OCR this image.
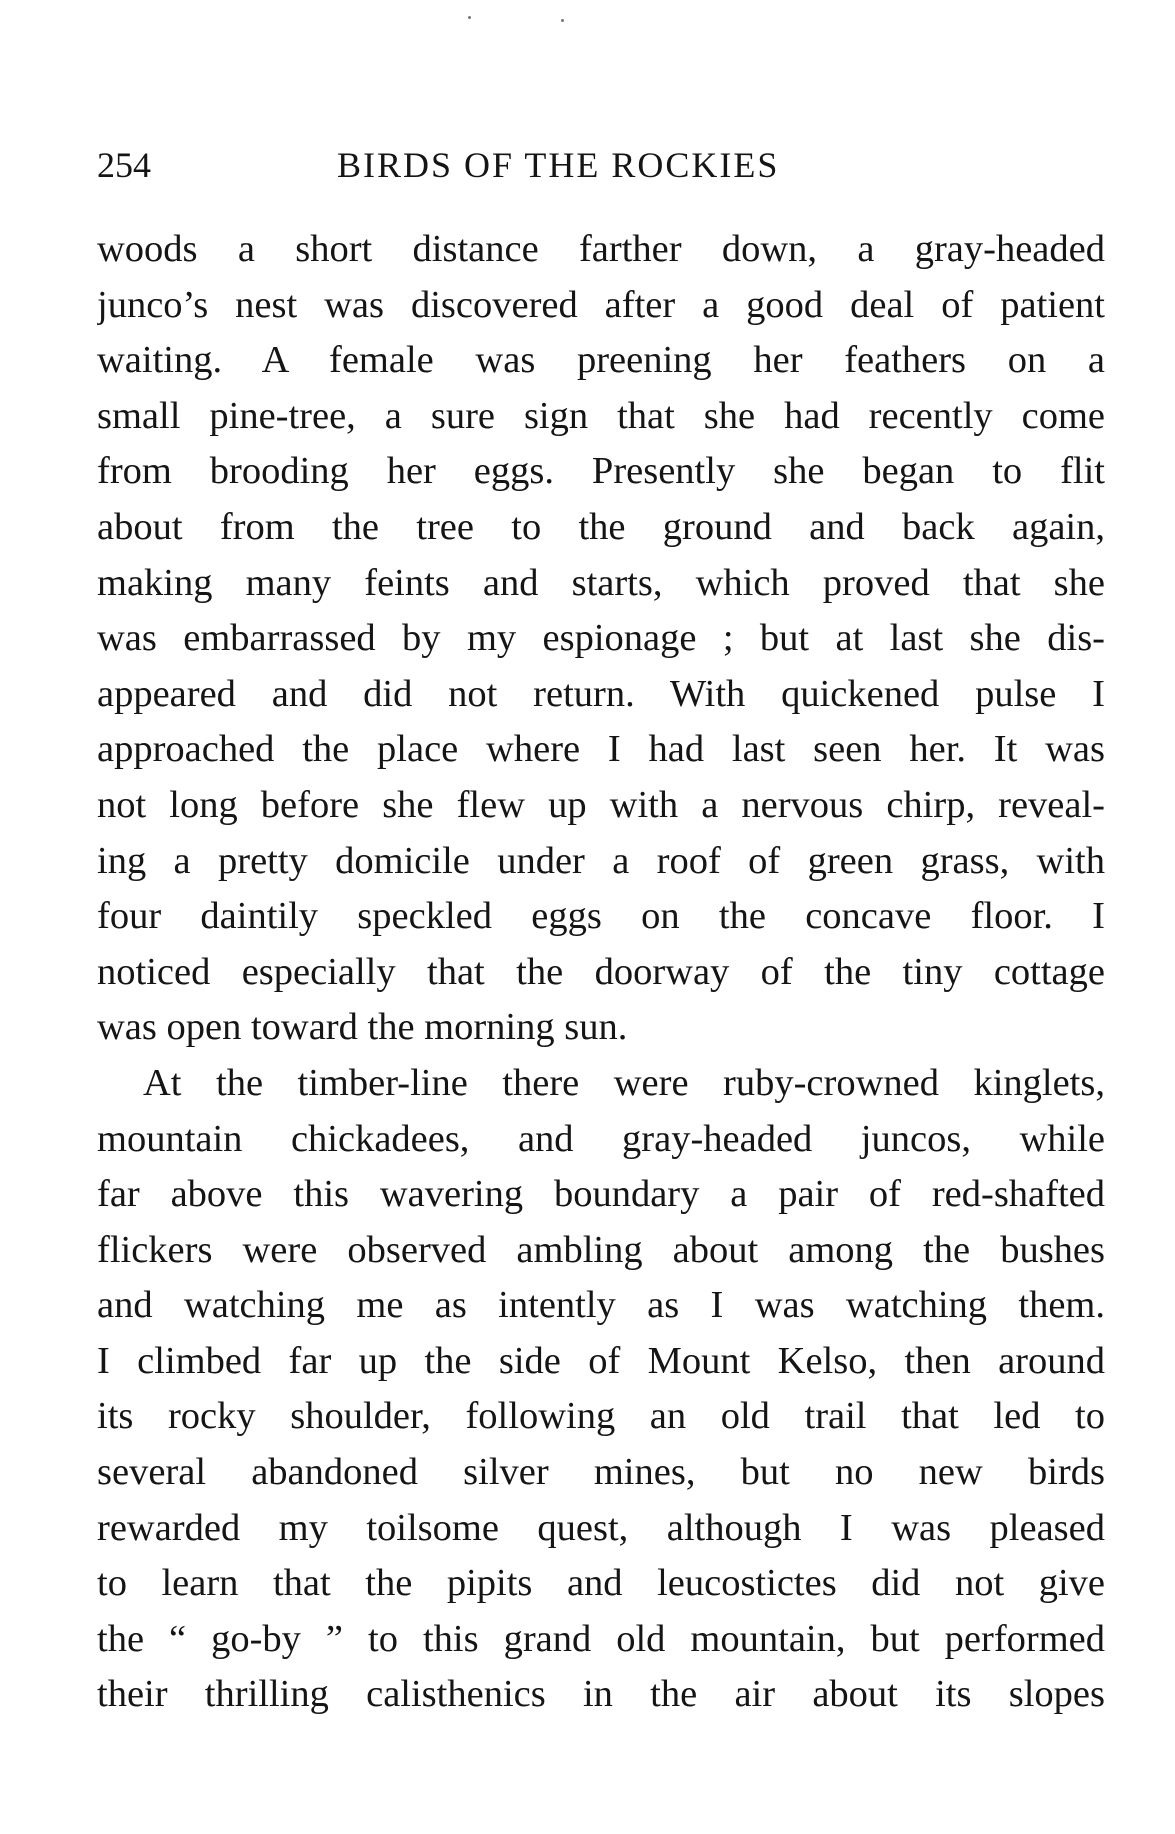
254	BIRDS OF THE ROCKIES
woods a short distance farther down, a gray-headed
junco’s nest was discovered after a good deal of patient
waiting. A female was preening her feathers on a
small pine-tree, a sure sign that she had recently come
from brooding her eggs. Presently she began to flit
about from the tree to the ground and back again,
making many feints and starts, which proved that she
was embarrassed by my espionage ; but at last she dis-
appeared and did not return. With quickened pulse I
approached the place where I had last seen her. It was
not long before she flew up with a nervous chirp, reveal-
ing a pretty domicile under a roof of green grass, with
four daintily speckled eggs on the concave floor. I
noticed especially that the doorway of the tiny cottage
was open toward the morning sun.
At the timber-line there were ruby-crowned kinglets,
mountain chickadees, and gray-headed juncos, while
far above this wavering boundary a pair of red-shafted
flickers were observed ambling about among the bushes
and watching me as intently as I was watching them.
I climbed far up the side of Mount Kelso, then around
its rocky shoulder, following an old trail that led to
several abandoned silver mines, but no new birds
rewarded my toilsome quest, although I was pleased
to learn that the pipits and leucostictes did not give
the “ go-by ” to this grand old mountain, but performed
their thrilling calisthenics in the air about its slopes
